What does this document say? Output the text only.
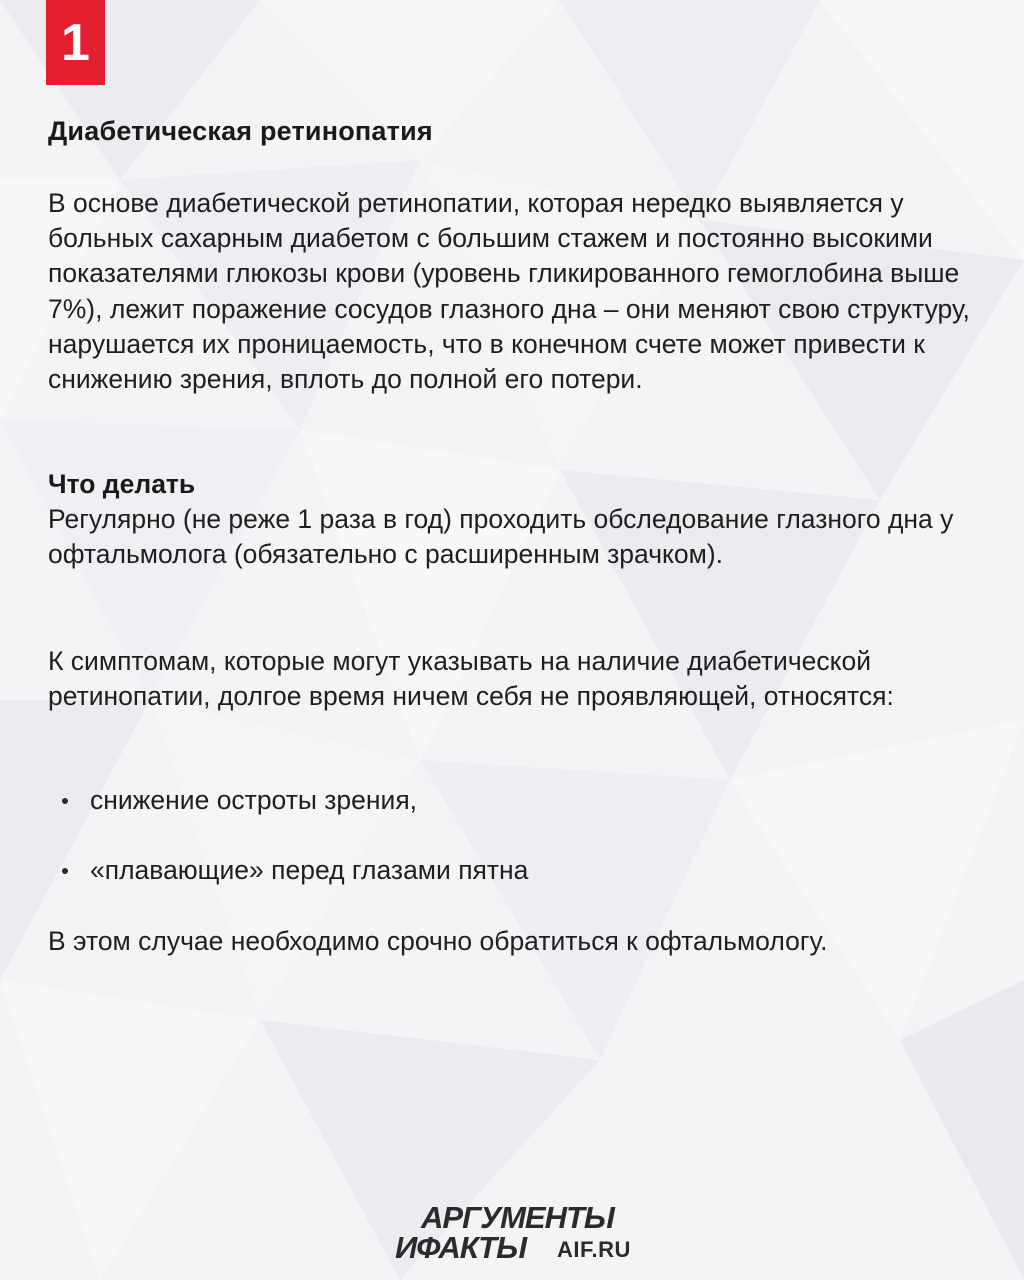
1
Диабетическая ретинопатия

В основе диабетической ретинопатии, которая нередко выявляется у больных сахарным диабетом с большим стажем и постоянно высокими показателями глюкозы крови (уровень гликированного гемоглобина выше 7%), лежит поражение сосудов глазного дна – они меняют свою структуру, нарушается их проницаемость, что в конечном счете может привести к снижению зрения, вплоть до полной его потери.

Что делать

Регулярно (не реже 1 раза в год) проходить обследование глазного дна у офтальмолога (обязательно с расширенным зрачком).

К симптомам, которые могут указывать на наличие диабетической ретинопатии, долгое время ничем себя не проявляющей, относятся:

снижение остроты зрения,
«плавающие» перед глазами пятна

В этом случае необходимо срочно обратиться к офтальмологу.

АРГУМЕНТЫ
ИФАКТЫ AIF.RU
